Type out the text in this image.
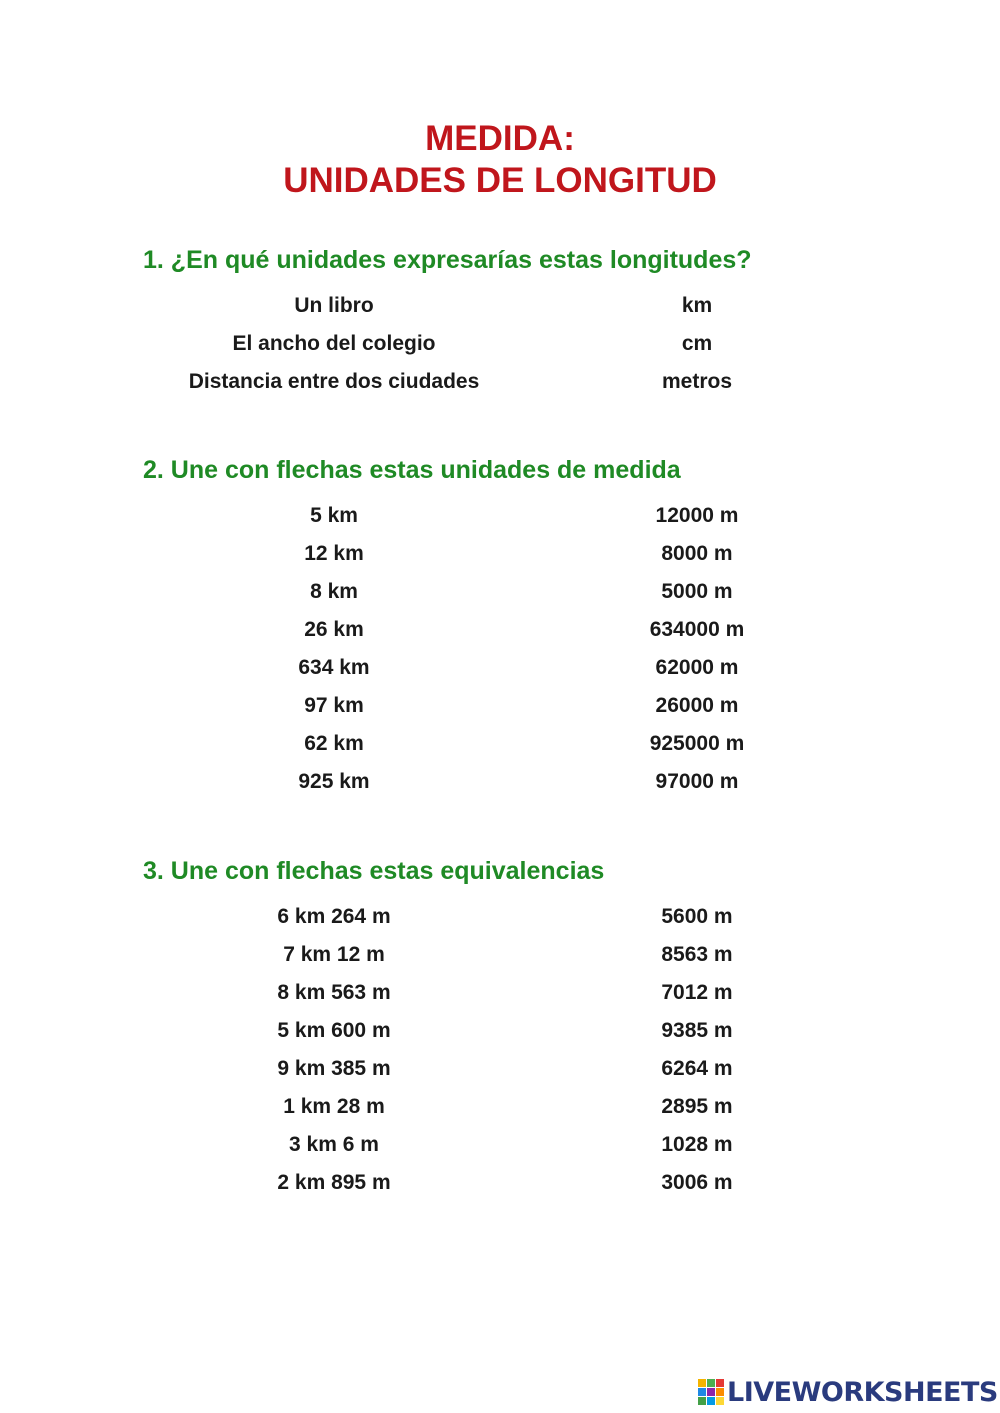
MEDIDA:
UNIDADES DE LONGITUD
1. ¿En qué unidades expresarías estas longitudes?
Un libro	km
El ancho del colegio	cm
Distancia entre dos ciudades	metros
2. Une con flechas estas unidades de medida
5 km	12000 m
12 km	8000 m
8 km	5000 m
26 km	634000 m
634 km	62000 m
97 km	26000 m
62 km	925000 m
925 km	97000 m
3. Une con flechas estas equivalencias
6 km 264 m	5600 m
7 km 12 m	8563 m
8 km 563 m	7012 m
5 km 600 m	9385 m
9 km 385 m	6264 m
1 km 28 m	2895 m
3 km 6 m	1028 m
2 km 895 m	3006 m
LIVEWORKSHEETS
